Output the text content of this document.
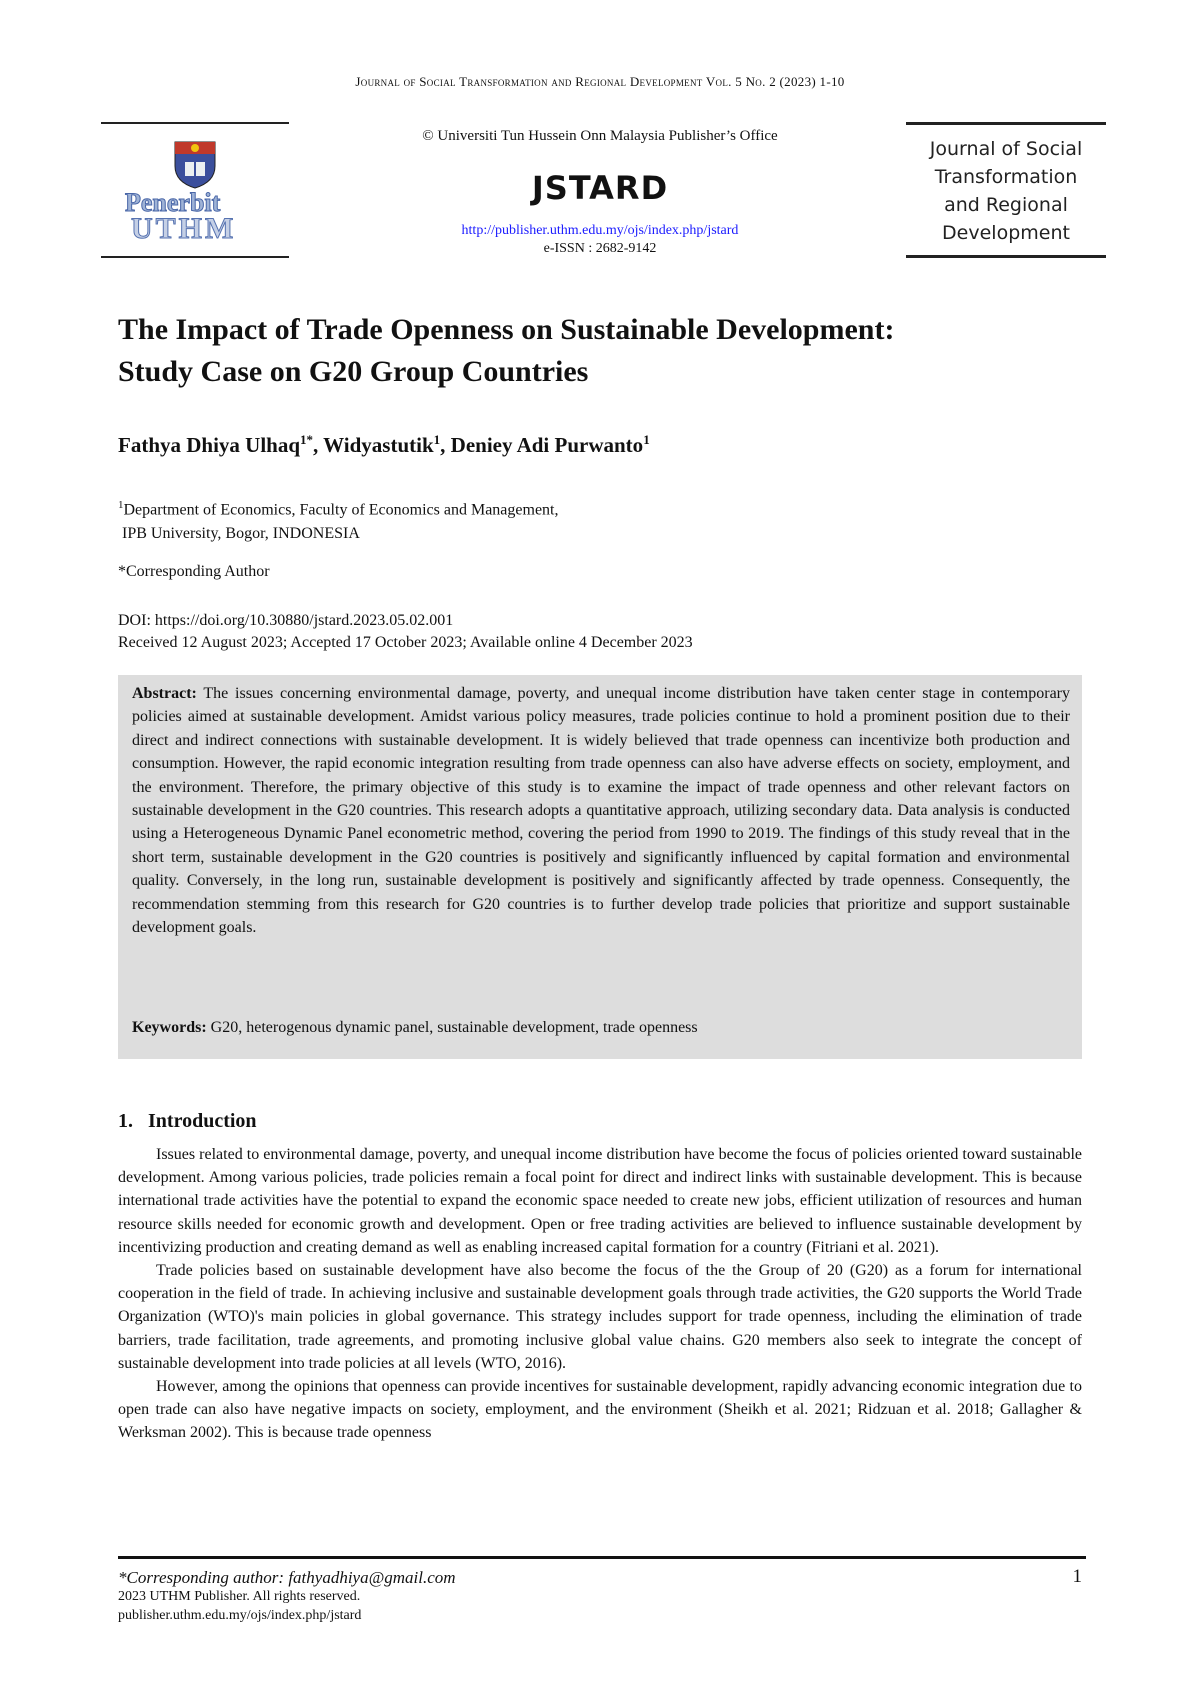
Journal of Social Transformation and Regional Development Vol. 5 No. 2 (2023) 1-10
Penerbit
UTHM
© Universiti Tun Hussein Onn Malaysia Publisher’s Office
JSTARD
http://publisher.uthm.edu.my/ojs/index.php/jstard
e-ISSN : 2682-9142
Journal of Social
Transformation
and Regional
Development
The Impact of Trade Openness on Sustainable Development:
Study Case on G20 Group Countries
Fathya Dhiya Ulhaq$^{1*}$, Widyastutik$^1$, Deniey Adi Purwanto$^1$
$^1$Department of Economics, Faculty of Economics and Management,
IPB University, Bogor, INDONESIA
*Corresponding Author
DOI: https://doi.org/10.30880/jstard.2023.05.02.001
Received 12 August 2023; Accepted 17 October 2023; Available online 4 December 2023
Abstract: The issues concerning environmental damage, poverty, and unequal income distribution have taken center stage in contemporary policies aimed at sustainable development. Amidst various policy measures, trade policies continue to hold a prominent position due to their direct and indirect connections with sustainable development. It is widely believed that trade openness can incentivize both production and consumption. However, the rapid economic integration resulting from trade openness can also have adverse effects on society, employment, and the environment. Therefore, the primary objective of this study is to examine the impact of trade openness and other relevant factors on sustainable development in the G20 countries. This research adopts a quantitative approach, utilizing secondary data. Data analysis is conducted using a Heterogeneous Dynamic Panel econometric method, covering the period from 1990 to 2019. The findings of this study reveal that in the short term, sustainable development in the G20 countries is positively and significantly influenced by capital formation and environmental quality. Conversely, in the long run, sustainable development is positively and significantly affected by trade openness. Consequently, the recommendation stemming from this research for G20 countries is to further develop trade policies that prioritize and support sustainable development goals.
Keywords: G20, heterogenous dynamic panel, sustainable development, trade openness
1.   Introduction

Issues related to environmental damage, poverty, and unequal income distribution have become the focus of policies oriented toward sustainable development. Among various policies, trade policies remain a focal point for direct and indirect links with sustainable development. This is because international trade activities have the potential to expand the economic space needed to create new jobs, efficient utilization of resources and human resource skills needed for economic growth and development. Open or free trading activities are believed to influence sustainable development by incentivizing production and creating demand as well as enabling increased capital formation for a country (Fitriani et al. 2021).

Trade policies based on sustainable development have also become the focus of the the Group of 20 (G20) as a forum for international cooperation in the field of trade. In achieving inclusive and sustainable development goals through trade activities, the G20 supports the World Trade Organization (WTO)'s main policies in global governance. This strategy includes support for trade openness, including the elimination of trade barriers, trade facilitation, trade agreements, and promoting inclusive global value chains. G20 members also seek to integrate the concept of sustainable development into trade policies at all levels (WTO, 2016).

However, among the opinions that openness can provide incentives for sustainable development, rapidly advancing economic integration due to open trade can also have negative impacts on society, employment, and the environment (Sheikh et al. 2021; Ridzuan et al. 2018; Gallagher & Werksman 2002). This is because trade openness

*Corresponding author: fathyadhiya@gmail.com
2023 UTHM Publisher. All rights reserved.
publisher.uthm.edu.my/ojs/index.php/jstard
1
